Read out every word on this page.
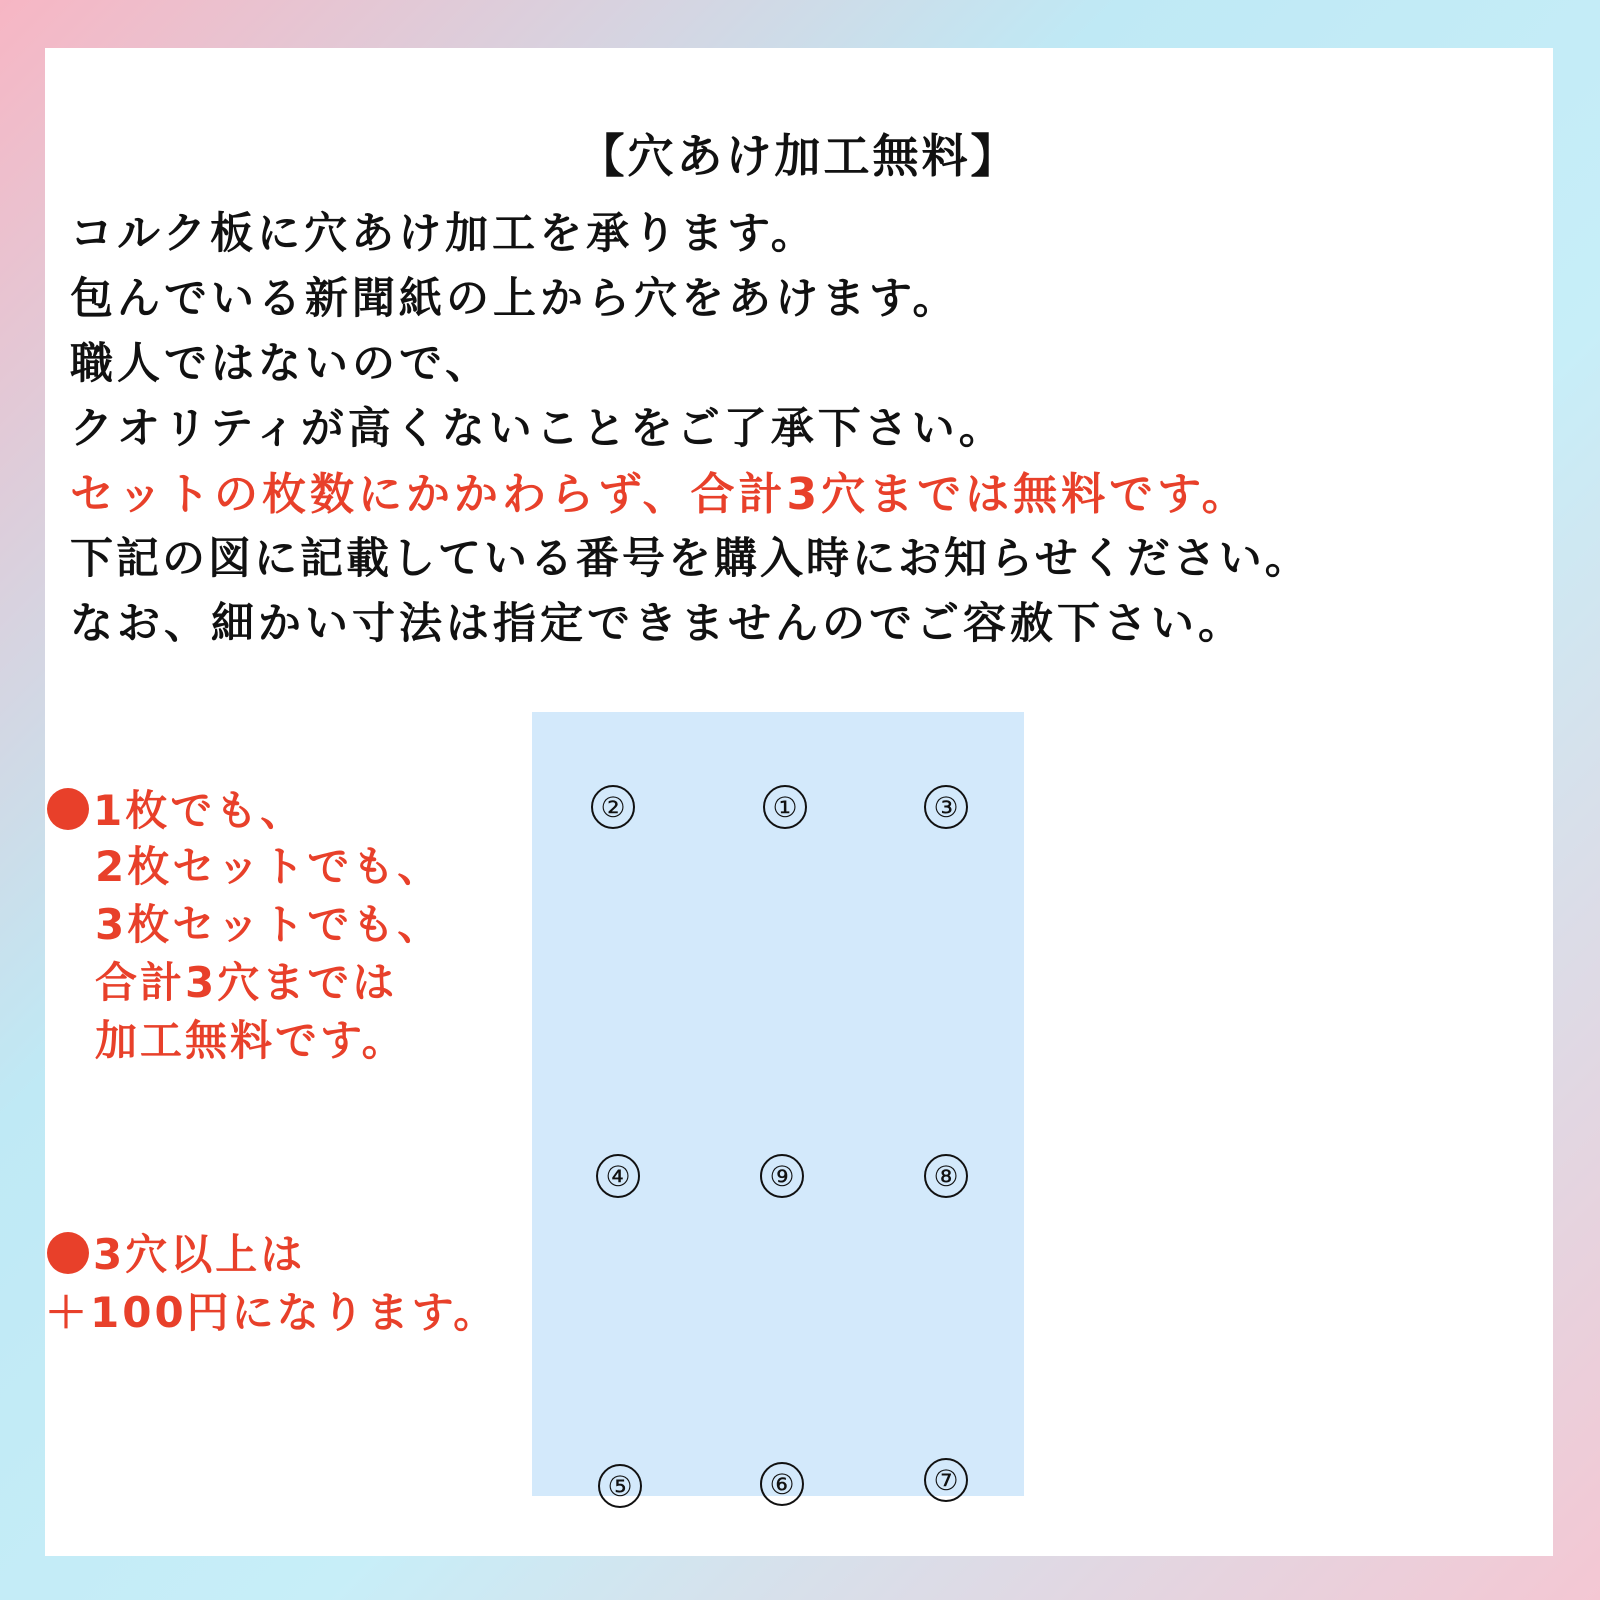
【穴あけ加工無料】
コルク板に穴あけ加工を承ります。
包んでいる新聞紙の上から穴をあけます。
職人ではないので、
クオリティが高くないことをご了承下さい。
セットの枚数にかかわらず、合計3穴までは無料です。
下記の図に記載している番号を購入時にお知らせください。
なお、細かい寸法は指定できませんのでご容赦下さい。
1枚でも、
2枚セットでも、
3枚セットでも、
合計3穴までは
加工無料です。
3穴以上は
＋100円になります。
②	①	③
④	⑨	⑧
⑤	⑥	⑦
